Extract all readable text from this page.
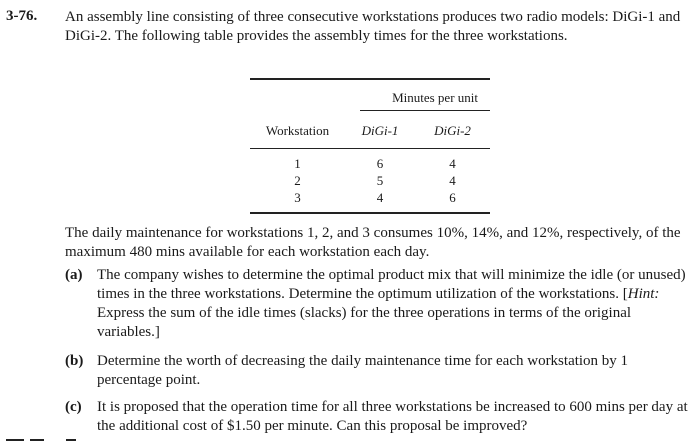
3-76. An assembly line consisting of three consecutive workstations produces two radio models: DiGi-1 and DiGi-2. The following table provides the assembly times for the three workstations.
Minutes per unit		

Workstation	DiGi-1	DiGi-2

1	6	4
2	5	4
3	4	6

The daily maintenance for workstations 1, 2, and 3 consumes 10%, 14%, and 12%, respectively, of the maximum 480 mins available for each workstation each day.
(a) The company wishes to determine the optimal product mix that will minimize the idle (or unused) times in the three workstations. Determine the optimum utilization of the workstations. [Hint: Express the sum of the idle times (slacks) for the three operations in terms of the original variables.]
(b) Determine the worth of decreasing the daily maintenance time for each workstation by 1 percentage point.
(c) It is proposed that the operation time for all three workstations be increased to 600 mins per day at the additional cost of $1.50 per minute. Can this proposal be improved?
